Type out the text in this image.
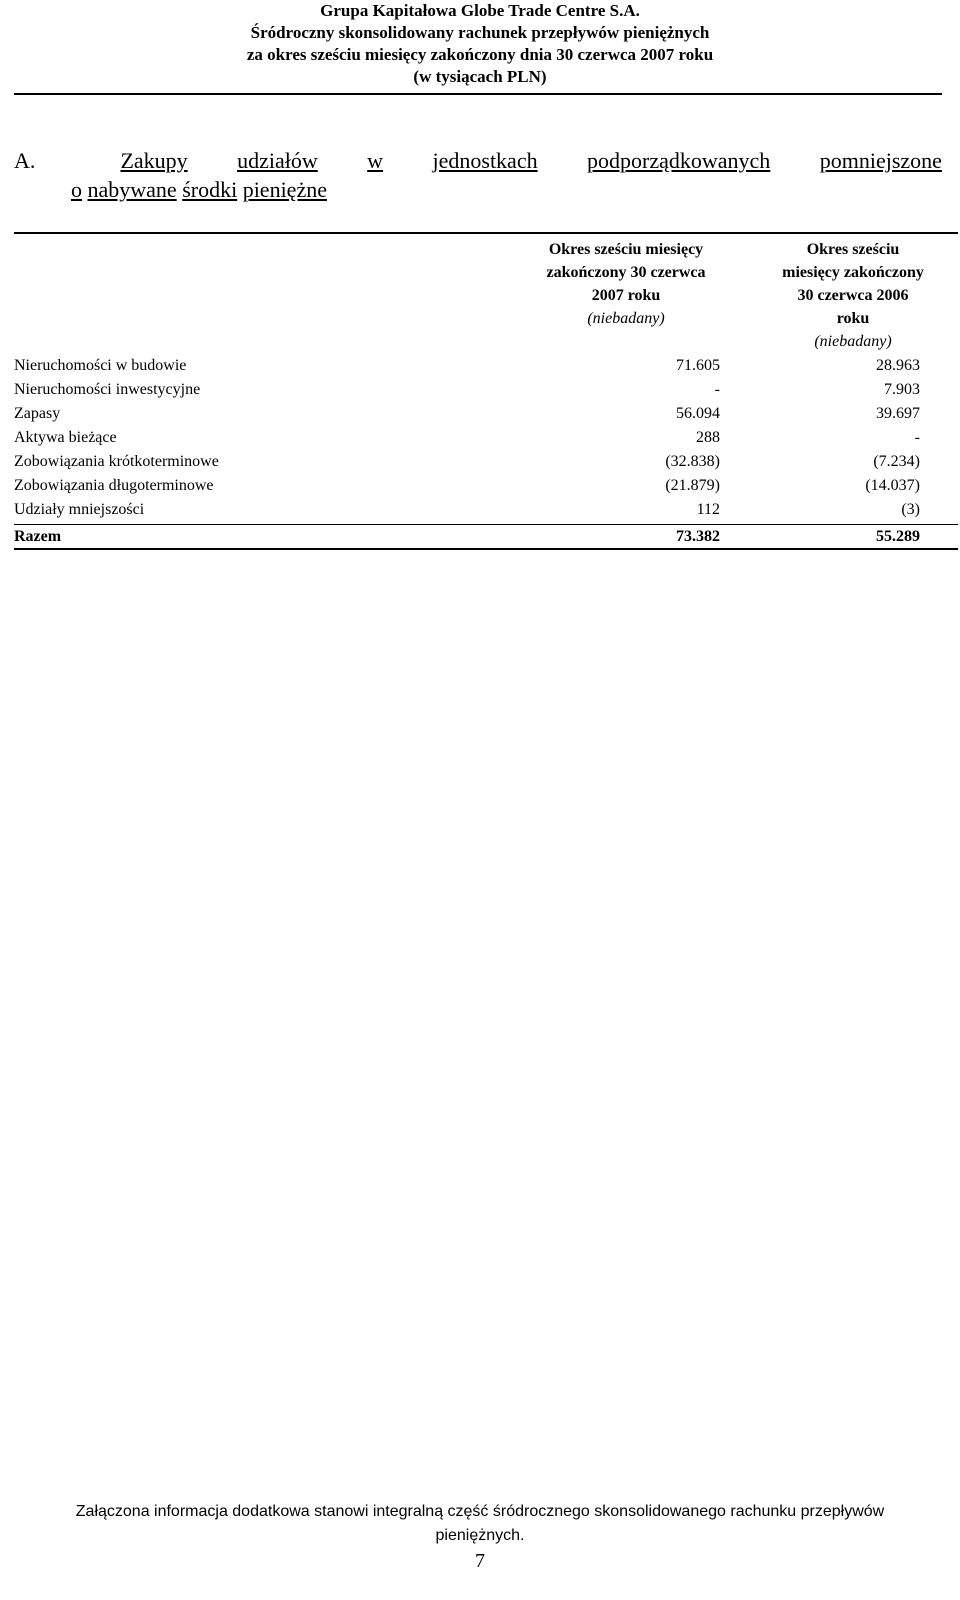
Grupa Kapitałowa Globe Trade Centre S.A.
Śródroczny skonsolidowany rachunek przepływów pieniężnych
za okres sześciu miesięcy zakończony dnia 30 czerwca 2007 roku
(w tysiącach PLN)
A.	Zakupy udziałów w jednostkach podporządkowanych pomniejszone
o nabywane środki pieniężne
Okres sześciu miesięcy
zakończony 30 czerwca
2007 roku
(niebadany)
Okres sześciu
miesięcy zakończony
30 czerwca 2006
roku
(niebadany)
Nieruchomości w budowie	71.605	28.963
Nieruchomości inwestycyjne	-	7.903
Zapasy	56.094	39.697
Aktywa bieżące	288	-
Zobowiązania krótkoterminowe	(32.838)	(7.234)
Zobowiązania długoterminowe	(21.879)	(14.037)
Udziały mniejszości	112	(3)
Razem	73.382	55.289
Załączona informacja dodatkowa stanowi integralną część śródrocznego skonsolidowanego rachunku przepływów
pieniężnych.
7
